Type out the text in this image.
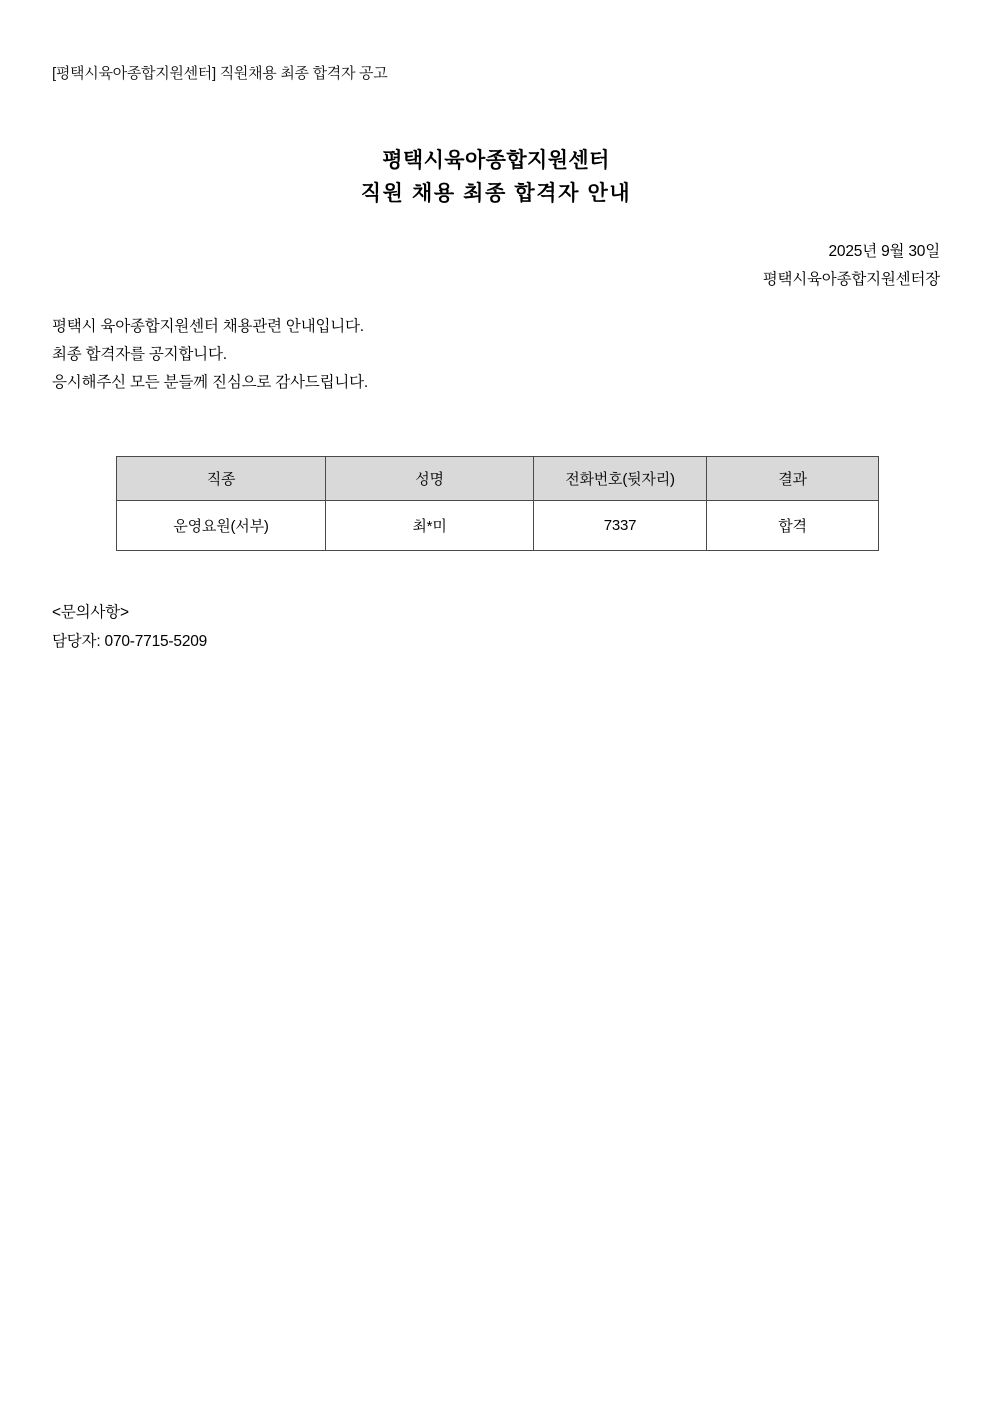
[평택시육아종합지원센터] 직원채용 최종 합격자 공고
평택시육아종합지원센터
직원 채용 최종 합격자 안내
2025년 9월 30일
평택시육아종합지원센터장
평택시 육아종합지원센터 채용관련 안내입니다.
최종 합격자를 공지합니다.
응시해주신 모든 분들께 진심으로 감사드립니다.
직종	성명	전화번호(뒷자리)	결과
운영요원(서부)	최*미	7337	합격
<문의사항>
담당자: 070-7715-5209
